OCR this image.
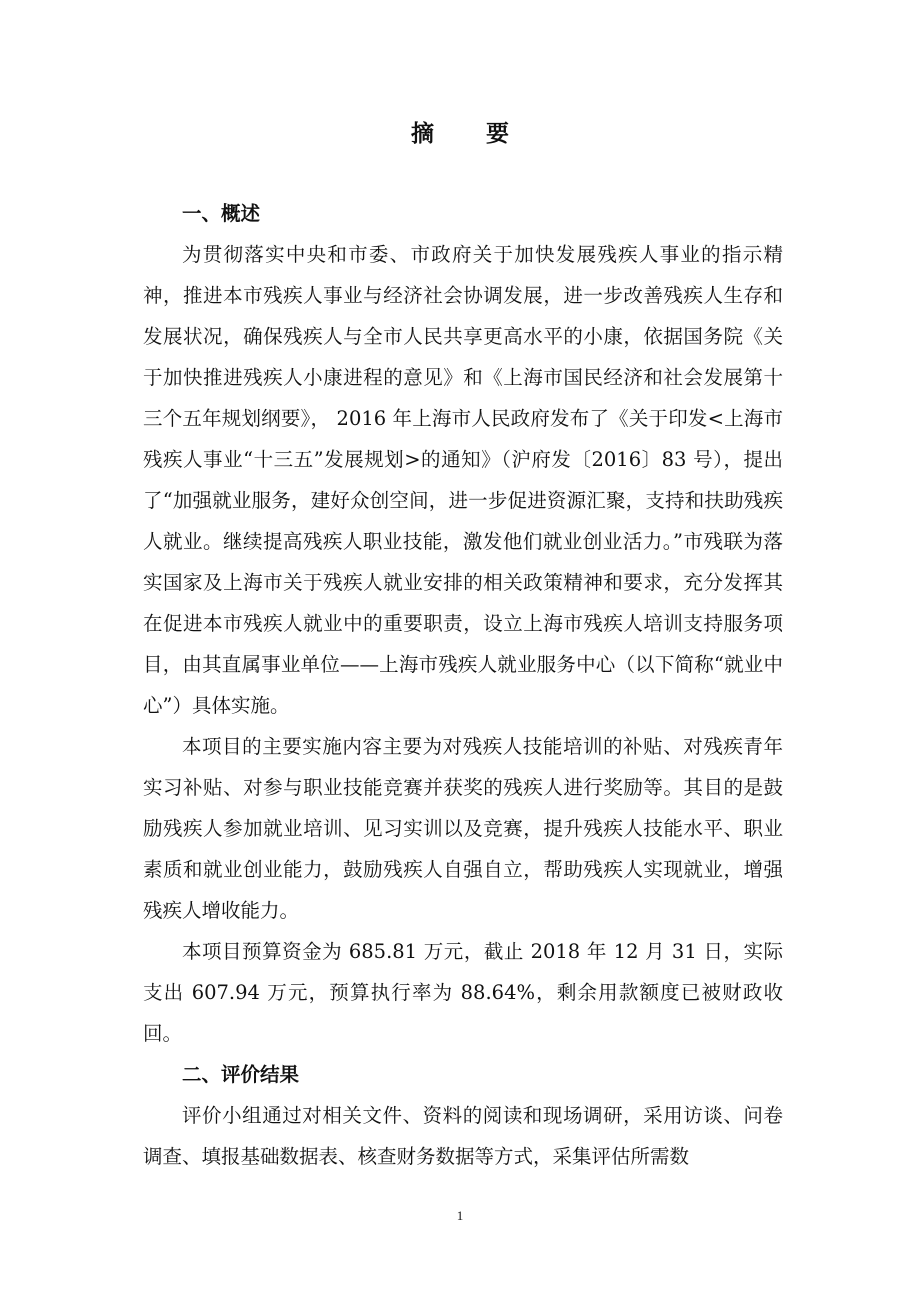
摘 要

一、概述

为贯彻落实中央和市委、市政府关于加快发展残疾人事业的指示精神，推进本市残疾人事业与经济社会协调发展，进一步改善残疾人生存和发展状况，确保残疾人与全市人民共享更高水平的小康，依据国务院《关于加快推进残疾人小康进程的意见》和《上海市国民经济和社会发展第十三个五年规划纲要》， 2016 年上海市人民政府发布了《关于印发<上海市残疾人事业“十三五”发展规划>的通知》（沪府发〔2016〕83 号），提出了“加强就业服务，建好众创空间，进一步促进资源汇聚，支持和扶助残疾人就业。继续提高残疾人职业技能，激发他们就业创业活力。”市残联为落实国家及上海市关于残疾人就业安排的相关政策精神和要求，充分发挥其在促进本市残疾人就业中的重要职责，设立上海市残疾人培训支持服务项目，由其直属事业单位——上海市残疾人就业服务中心（以下简称“就业中心”）具体实施。

本项目的主要实施内容主要为对残疾人技能培训的补贴、对残疾青年实习补贴、对参与职业技能竞赛并获奖的残疾人进行奖励等。其目的是鼓励残疾人参加就业培训、见习实训以及竞赛，提升残疾人技能水平、职业素质和就业创业能力，鼓励残疾人自强自立，帮助残疾人实现就业，增强残疾人增收能力。

本项目预算资金为 685.81 万元，截止 2018 年 12 月 31 日，实际支出 607.94 万元，预算执行率为 88.64%，剩余用款额度已被财政收回。

二、评价结果

评价小组通过对相关文件、资料的阅读和现场调研，采用访谈、问卷调查、填报基础数据表、核查财务数据等方式，采集评估所需数

1
